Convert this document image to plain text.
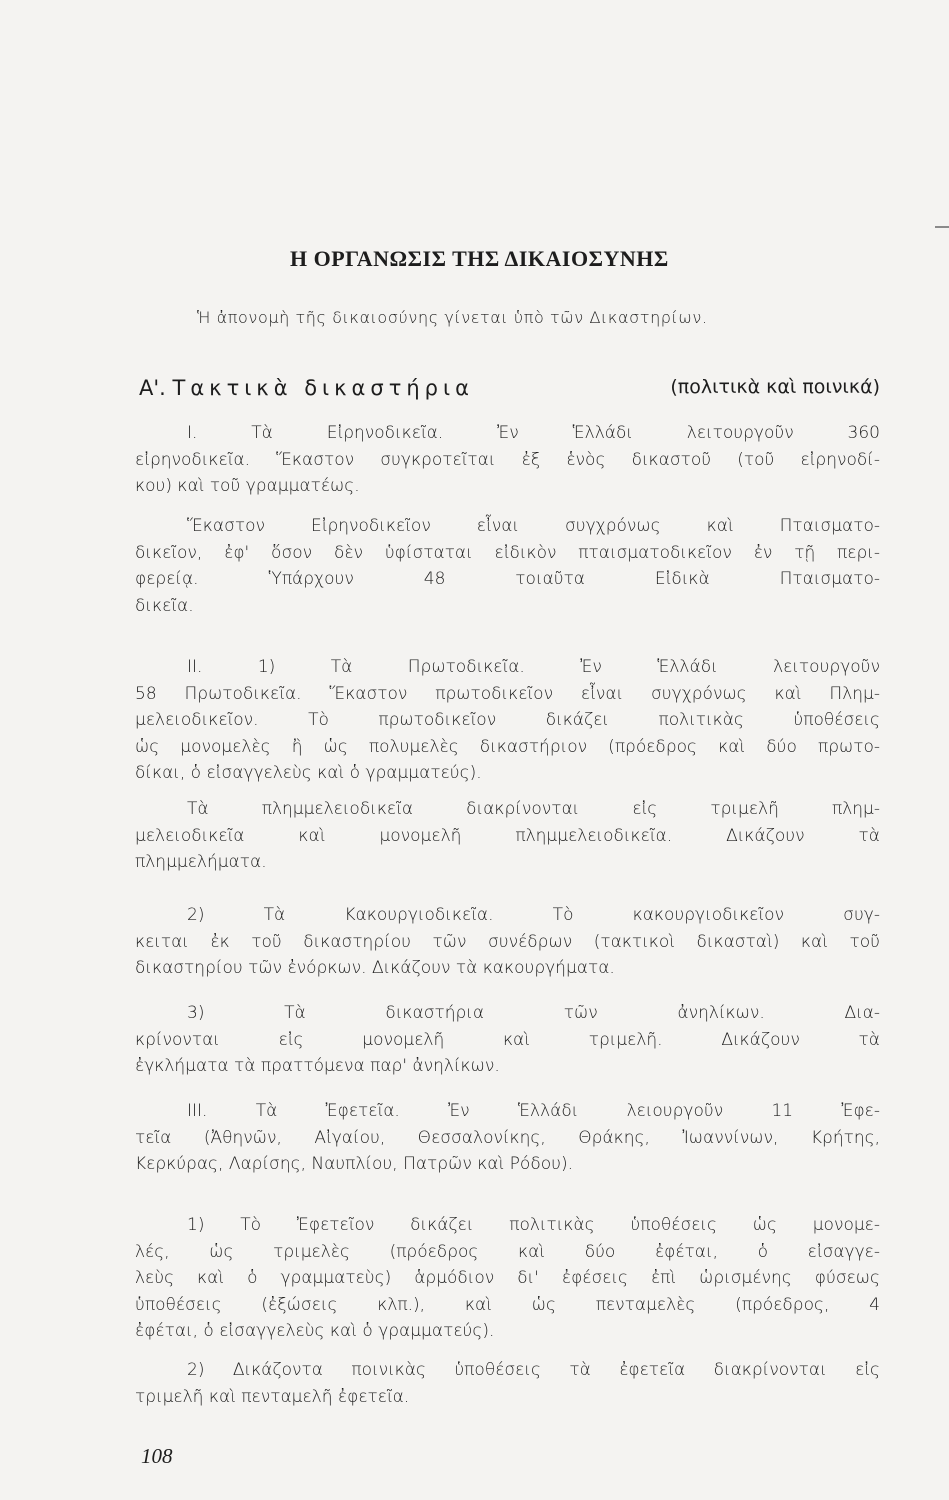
Η ΟΡΓΑΝΩΣΙΣ ΤΗΣ ΔΙΚΑΙΟΣΥΝΗΣ
Ἡ ἀπονομὴ τῆς δικαιοσύνης γίνεται ὑπὸ τῶν Δικαστηρίων.
Α'. Τακτικὰ δικαστήρια	(πολιτικὰ καὶ ποινικά)
I. Τὰ Εἰρηνοδικεῖα. Ἐν Ἑλλάδι λειτουργοῦν 360
εἰρηνοδικεῖα. Ἕκαστον συγκροτεῖται ἐξ ἑνὸς δικαστοῦ (τοῦ εἰρηνοδί-
κου) καὶ τοῦ γραμματέως.
Ἕκαστον Εἰρηνοδικεῖον εἶναι συγχρόνως καὶ Πταισματο-
δικεῖον, ἐφ' ὅσον δὲν ὑφίσταται εἰδικὸν πταισματοδικεῖον ἐν τῇ περι-
φερείᾳ. Ὑπάρχουν 48 τοιαῦτα Εἰδικὰ Πταισματο-
δικεῖα.
II. 1) Τὰ Πρωτοδικεῖα. Ἐν Ἑλλάδι λειτουργοῦν
58 Πρωτοδικεῖα. Ἕκαστον πρωτοδικεῖον εἶναι συγχρόνως καὶ Πλημ-
μελειοδικεῖον. Τὸ πρωτοδικεῖον δικάζει πολιτικὰς ὑποθέσεις
ὡς μονομελὲς ἢ ὡς πολυμελὲς δικαστήριον (πρόεδρος καὶ δύο πρωτο-
δίκαι, ὁ εἰσαγγελεὺς καὶ ὁ γραμματεύς).
Τὰ πλημμελειοδικεῖα διακρίνονται εἰς τριμελῆ πλημ-
μελειοδικεῖα καὶ μονομελῆ πλημμελειοδικεῖα. Δικάζουν τὰ
πλημμελήματα.
2) Τὰ Κακουργιοδικεῖα. Τὸ κακουργιοδικεῖον συγ-
κειται ἐκ τοῦ δικαστηρίου τῶν συνέδρων (τακτικοὶ δικασταὶ) καὶ τοῦ
δικαστηρίου τῶν ἐνόρκων. Δικάζουν τὰ κακουργήματα.
3) Τὰ δικαστήρια τῶν ἀνηλίκων. Δια-
κρίνονται εἰς μονομελῆ καὶ τριμελῆ. Δικάζουν τὰ
ἐγκλήματα τὰ πραττόμενα παρ' ἀνηλίκων.
III. Τὰ Ἐφετεῖα. Ἐν Ἑλλάδι λειουργοῦν 11 Ἐφε-
τεῖα (Ἀθηνῶν, Αἰγαίου, Θεσσαλονίκης, Θράκης, Ἰωαννίνων, Κρήτης,
Κερκύρας, Λαρίσης, Ναυπλίου, Πατρῶν καὶ Ρόδου).
1) Τὸ Ἐφετεῖον δικάζει πολιτικὰς ὑποθέσεις ὡς μονομε-
λές, ὡς τριμελὲς (πρόεδρος καὶ δύο ἐφέται, ὁ εἰσαγγε-
λεὺς καὶ ὁ γραμματεὺς) ἁρμόδιον δι' ἐφέσεις ἐπὶ ὡρισμένης φύσεως
ὑποθέσεις (ἐξώσεις κλπ.), καὶ ὡς πενταμελὲς (πρόεδρος, 4
ἐφέται, ὁ εἰσαγγελεὺς καὶ ὁ γραμματεύς).
2) Δικάζοντα ποινικὰς ὑποθέσεις τὰ ἐφετεῖα διακρίνονται εἰς
τριμελῆ καὶ πενταμελῆ ἐφετεῖα.
108
